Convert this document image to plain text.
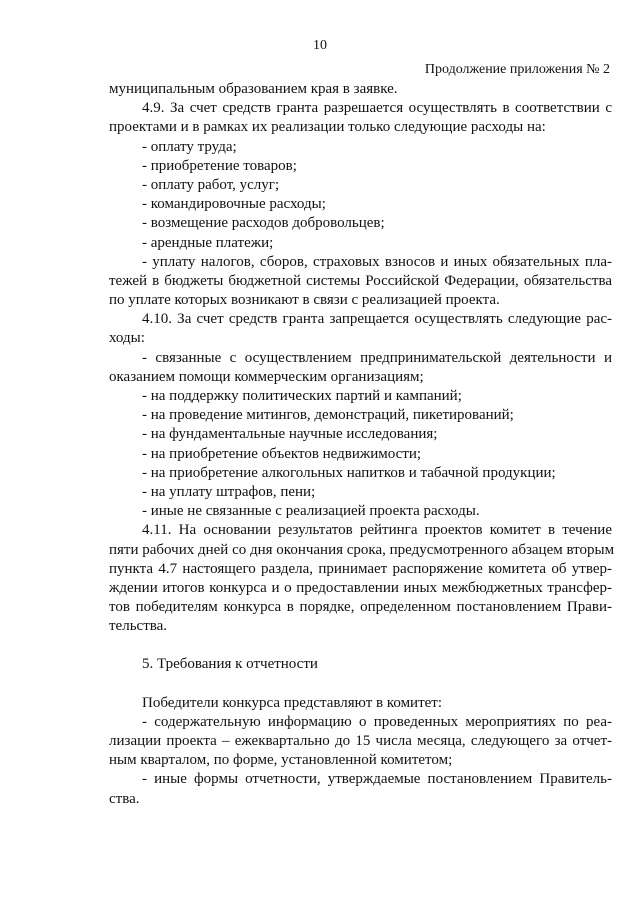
10
Продолжение приложения № 2
муниципальным образованием края в заявке.
4.9. За счет средств гранта разрешается осуществлять в соответствии с
проектами и в рамках их реализации только следующие расходы на:
- оплату труда;
- приобретение товаров;
- оплату работ, услуг;
- командировочные расходы;
- возмещение расходов добровольцев;
- арендные платежи;
- уплату налогов, сборов, страховых взносов и иных обязательных пла-
тежей в бюджеты бюджетной системы Российской Федерации, обязательства
по уплате которых возникают в связи с реализацией проекта.
4.10. За счет средств гранта запрещается осуществлять следующие рас-
ходы:
- связанные с осуществлением предпринимательской деятельности и
оказанием помощи коммерческим организациям;
- на поддержку политических партий и кампаний;
- на проведение митингов, демонстраций, пикетирований;
- на фундаментальные научные исследования;
- на приобретение объектов недвижимости;
- на приобретение алкогольных напитков и табачной продукции;
- на уплату штрафов, пени;
- иные не связанные с реализацией проекта расходы.
4.11. На основании результатов рейтинга проектов комитет в течение
пяти рабочих дней со дня окончания срока, предусмотренного абзацем вторым
пункта 4.7 настоящего раздела, принимает распоряжение комитета об утвер-
ждении итогов конкурса и о предоставлении иных межбюджетных трансфер-
тов победителям конкурса в порядке, определенном постановлением Прави-
тельства.
5. Требования к отчетности
Победители конкурса представляют в комитет:
- содержательную информацию о проведенных мероприятиях по реа-
лизации проекта – ежеквартально до 15 числа месяца, следующего за отчет-
ным кварталом, по форме, установленной комитетом;
- иные формы отчетности, утверждаемые постановлением Правитель-
ства.
